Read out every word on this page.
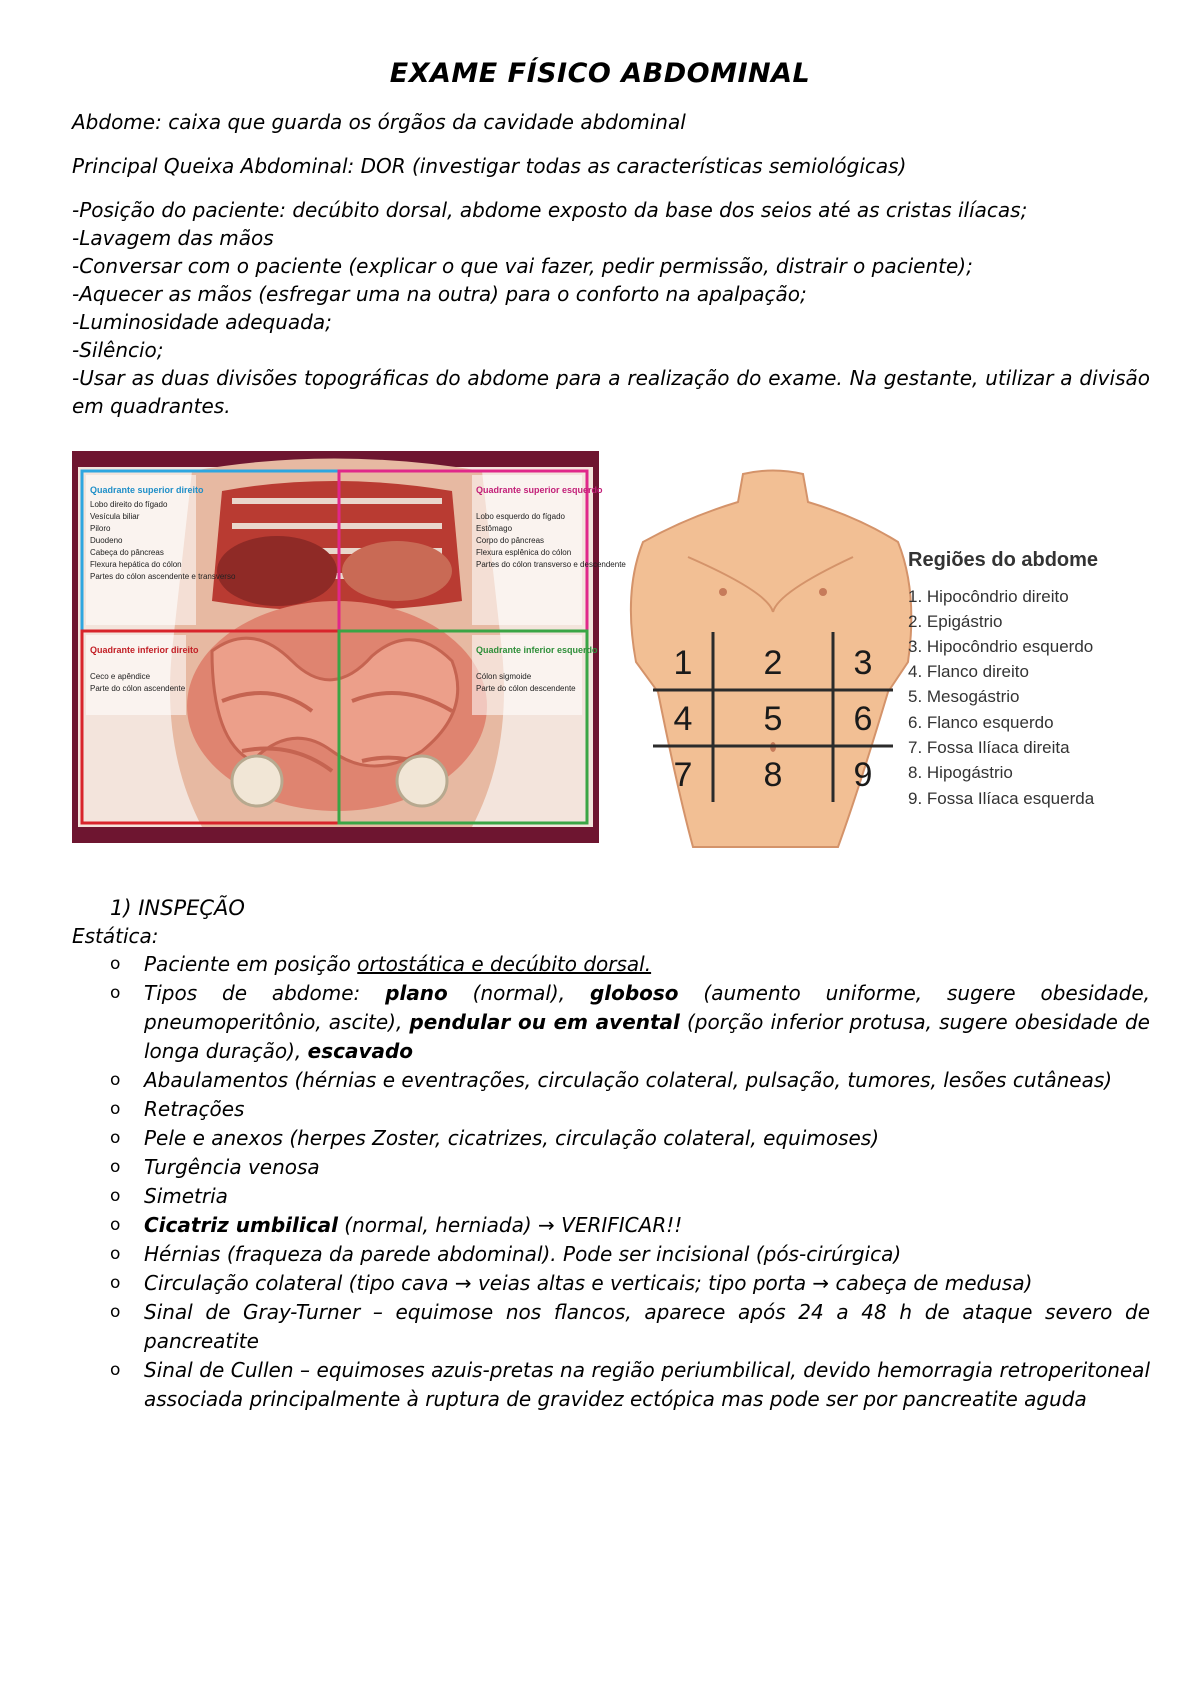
EXAME FÍSICO ABDOMINAL
Abdome: caixa que guarda os órgãos da cavidade abdominal
Principal Queixa Abdominal: DOR (investigar todas as características semiológicas)
-Posição do paciente: decúbito dorsal, abdome exposto da base dos seios até as cristas ilíacas;
-Lavagem das mãos
-Conversar com o paciente (explicar o que vai fazer, pedir permissão, distrair o paciente);
-Aquecer as mãos (esfregar uma na outra) para o conforto na apalpação;
-Luminosidade adequada;
-Silêncio;
-Usar as duas divisões topográficas do abdome para a realização do exame. Na gestante, utilizar a divisão em quadrantes.
Quadrante superior direito
Lobo direito do fígado
Vesícula biliar
Piloro
Duodeno
Cabeça do pâncreas
Flexura hepática do cólon
Partes do cólon ascendente e transverso
Quadrante superior esquerdo
Lobo esquerdo do fígado
Estômago
Corpo do pâncreas
Flexura esplênica do cólon
Partes do cólon transverso e descendente
Quadrante inferior direito
Ceco e apêndice
Parte do cólon ascendente
Quadrante inferior esquerdo
Cólon sigmoide
Parte do cólon descendente
1 2 3
4 5 6
7 8 9
Regiões do abdome
1. Hipocôndrio direito
2. Epigástrio
3. Hipocôndrio esquerdo
4. Flanco direito
5. Mesogástrio
6. Flanco esquerdo
7. Fossa Ilíaca direita
8. Hipogástrio
9. Fossa Ilíaca esquerda
1) INSPEÇÃO
Estática:
o Paciente em posição ortostática e decúbito dorsal.
o Tipos de abdome: plano (normal), globoso (aumento uniforme, sugere obesidade, pneumoperitônio, ascite), pendular ou em avental (porção inferior protusa, sugere obesidade de longa duração), escavado
o Abaulamentos (hérnias e eventrações, circulação colateral, pulsação, tumores, lesões cutâneas)
o Retrações
o Pele e anexos (herpes Zoster, cicatrizes, circulação colateral, equimoses)
o Turgência venosa
o Simetria
o Cicatriz umbilical (normal, herniada) → VERIFICAR!!
o Hérnias (fraqueza da parede abdominal). Pode ser incisional (pós-cirúrgica)
o Circulação colateral (tipo cava → veias altas e verticais; tipo porta → cabeça de medusa)
o Sinal de Gray-Turner – equimose nos flancos, aparece após 24 a 48 h de ataque severo de pancreatite
o Sinal de Cullen – equimoses azuis-pretas na região periumbilical, devido hemorragia retroperitoneal associada principalmente à ruptura de gravidez ectópica mas pode ser por pancreatite aguda
